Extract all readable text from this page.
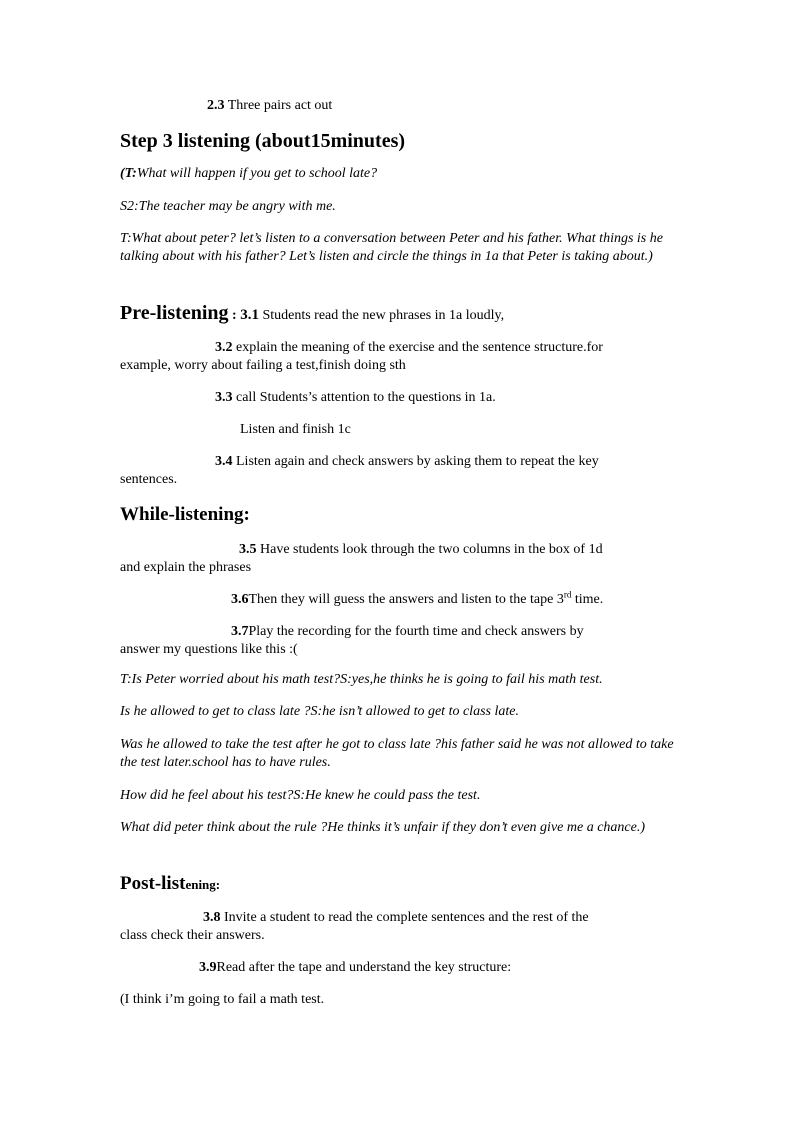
2.3 Three pairs act out
Step 3 listening (about15minutes)
(T:What will happen if you get to school late?
S2:The teacher may be angry with me.
T:What about peter? let’s listen to a conversation between Peter and his father. What things is he talking about with his father? Let’s listen and circle the things in 1a that Peter is taking about.)
Pre-listening : 3.1 Students read the new phrases in 1a loudly,
3.2 explain the meaning of the exercise and the sentence structure.for
example, worry about failing a test,finish doing sth
3.3 call Students’s attention to the questions in 1a.
Listen and finish 1c
3.4 Listen again and check answers by asking them to repeat the key
sentences.
While-listening:
3.5 Have students look through the two columns in the box of 1d
and explain the phrases
3.6Then they will guess the answers and listen to the tape 3rd time.
3.7Play the recording for the fourth time and check answers by
answer my questions like this :(
T:Is Peter worried about his math test?S:yes,he thinks he is going to fail his math test.
Is he allowed to get to class late ?S:he isn’t allowed to get to class late.
Was he allowed to take the test after he got to class late ?his father said he was not allowed to take the test later.school has to have rules.
How did he feel about his test?S:He knew he could pass the test.
What did peter think about the rule ?He thinks it’s unfair if they don’t even give me a chance.)
Post-listening:
3.8 Invite a student to read the complete sentences and the rest of the
class check their answers.
3.9Read after the tape and understand the key structure:
(I think i’m going to fail a math test.
